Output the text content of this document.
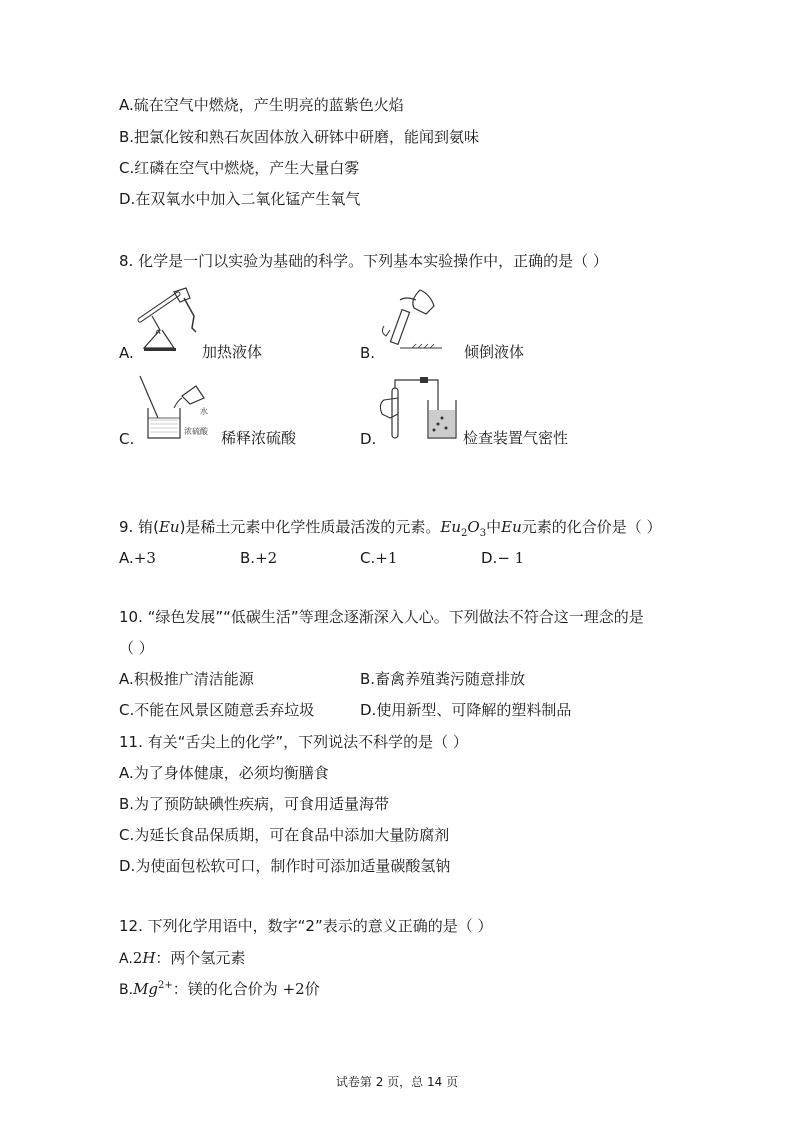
A.硫在空气中燃烧，产生明亮的蓝紫色火焰
B.把氯化铵和熟石灰固体放入研钵中研磨，能闻到氨味
C.红磷在空气中燃烧，产生大量白雾
D.在双氧水中加入二氧化锰产生氧气
8. 化学是一门以实验为基础的科学。下列基本实验操作中，正确的是（ ）
A.	加热液体	B.	倾倒液体
C.
水
浓硫酸 稀释浓硫酸	D.	检查装置气密性
9. 铕(Eu)是稀土元素中化学性质最活泼的元素。$Eu_2O_3$中Eu元素的化合价是（ ）
A.+3	B.+2	C.+1	D.− 1
10. “绿色发展”“低碳生活”等理念逐渐深入人心。下列做法不符合这一理念的是
（ ）
A.积极推广清洁能源	B.畜禽养殖粪污随意排放
C.不能在风景区随意丢弃垃圾	D.使用新型、可降解的塑料制品
11. 有关“舌尖上的化学”，下列说法不科学的是（ ）
A.为了身体健康，必须均衡膳食
B.为了预防缺碘性疾病，可食用适量海带
C.为延长食品保质期，可在食品中添加大量防腐剂
D.为使面包松软可口，制作时可添加适量碳酸氢钠
12. 下列化学用语中，数字“2”表示的意义正确的是（ ）
A.2H：两个氢元素
$B.Mg^{2+}$：镁的化合价为 +2价
试卷第 2 页，总 14 页
